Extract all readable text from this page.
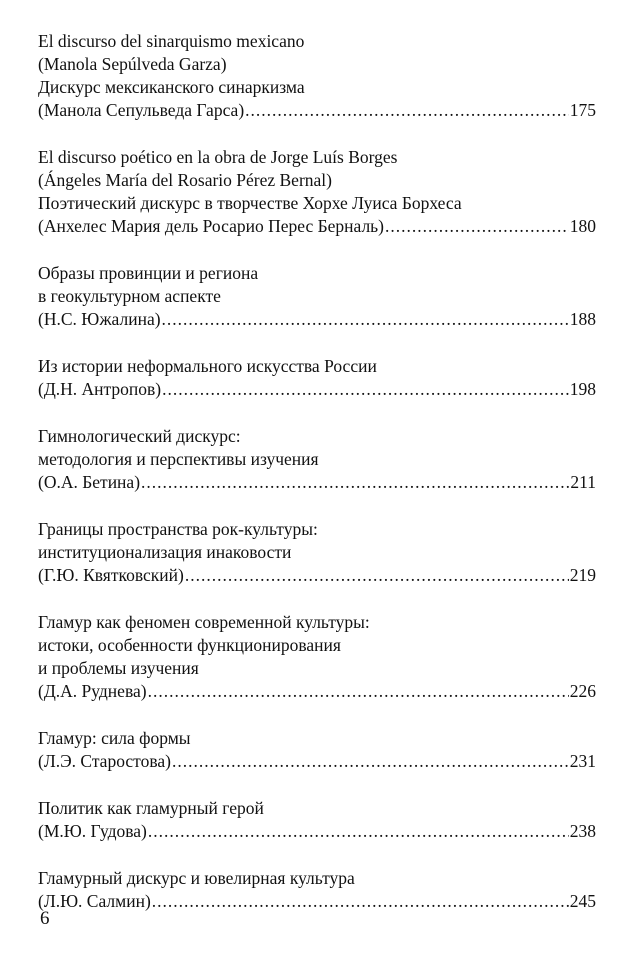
El discurso del sinarquismo mexicano
(Manola Sepúlveda Garza)
Дискурс мексиканского синаркизма
(Манола Сепульведа Гарса) .....	175
El discurso poético en la obra de Jorge Luís Borges
(Ángeles María del Rosario Pérez Bernal)
Поэтический дискурс в творчестве Хорхе Луиса Борхеса
(Анхелес Мария дель Росарио Перес Берналь) .....	180
Образы провинции и региона
в геокультурном аспекте
(Н.С. Южалина) .....	188
Из истории неформального искусства России
(Д.Н. Антропов) .....	198
Гимнологический дискурс:
методология и перспективы изучения
(О.А. Бетина) .....	211
Границы пространства рок-культуры:
институционализация инаковости
(Г.Ю. Квятковский) .....	219
Гламур как феномен современной культуры:
истоки, особенности функционирования
и проблемы изучения
(Д.А. Руднева) .....	226
Гламур: сила формы
(Л.Э. Старостова) .....	231
Политик как гламурный герой
(М.Ю. Гудова) .....	238
Гламурный дискурс и ювелирная культура
(Л.Ю. Салмин) .....	245
6
